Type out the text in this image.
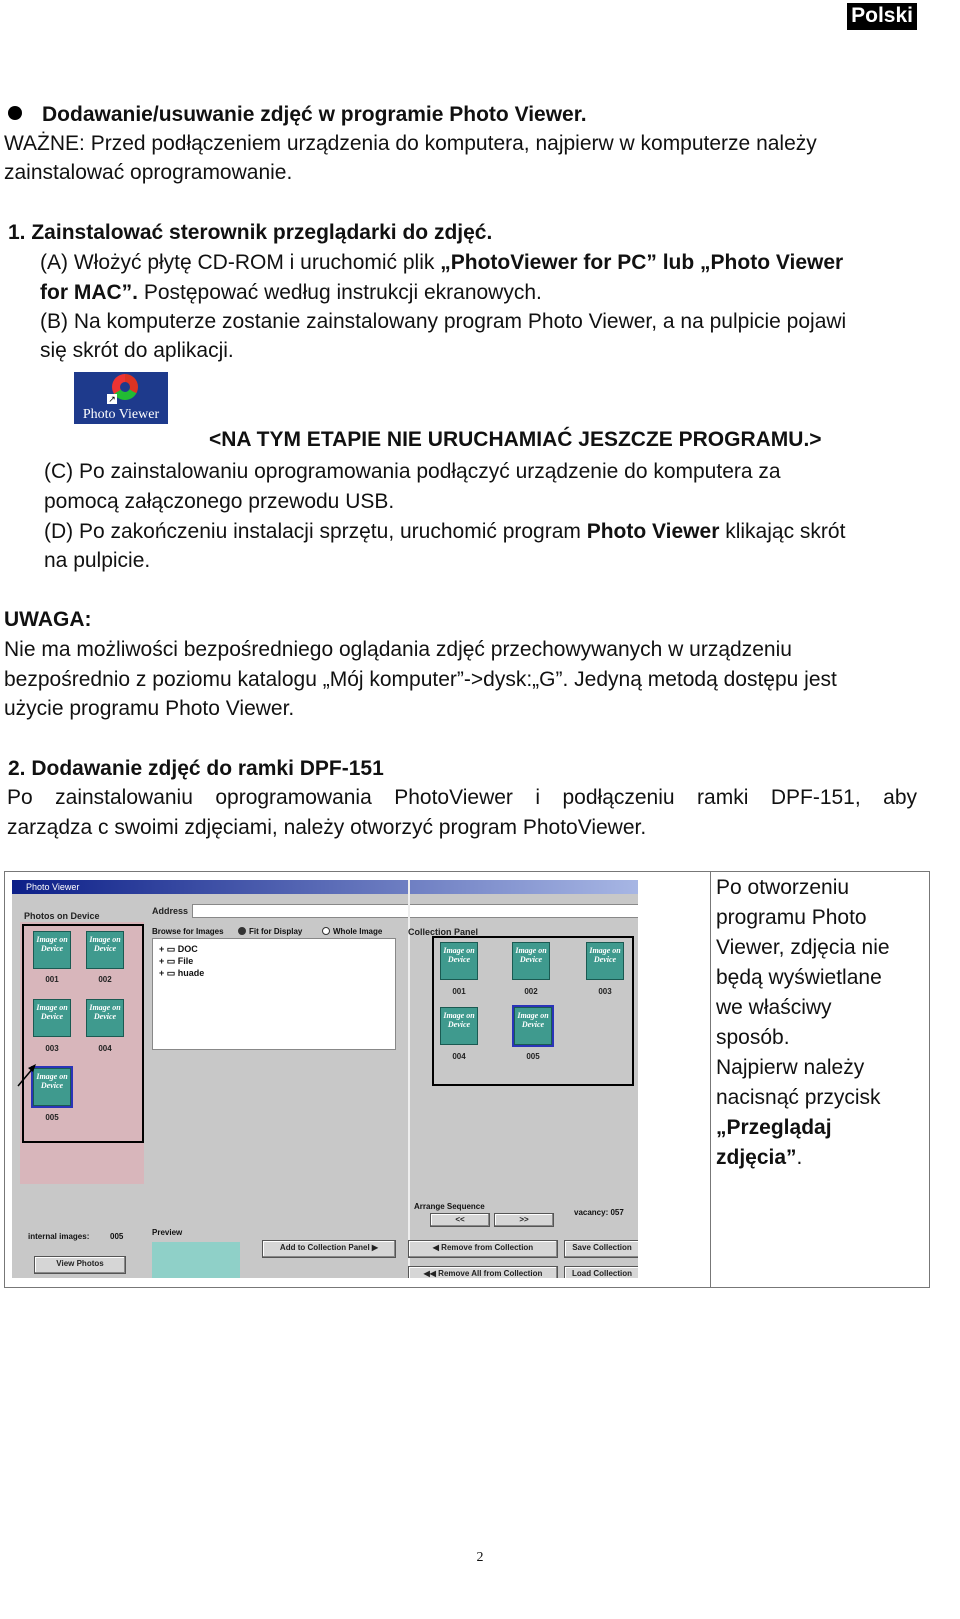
Polski
Dodawanie/usuwanie zdjęć w programie Photo Viewer.
WAŻNE: Przed podłączeniem urządzenia do komputera, najpierw w komputerze należy
zainstalować oprogramowanie.
1. Zainstalować sterownik przeglądarki do zdjęć.
(A) Włożyć płytę CD-ROM i uruchomić plik „PhotoViewer for PC” lub „Photo Viewer
for MAC”. Postępować według instrukcji ekranowych.
(B) Na komputerze zostanie zainstalowany program Photo Viewer, a na pulpicie pojawi
się skrót do aplikacji.
↗
Photo Viewer
<NA TYM ETAPIE NIE URUCHAMIAĆ JESZCZE PROGRAMU.>
(C) Po zainstalowaniu oprogramowania podłączyć urządzenie do komputera za
pomocą załączonego przewodu USB.
(D) Po zakończeniu instalacji sprzętu, uruchomić program Photo Viewer klikając skrót
na pulpicie.
UWAGA:
Nie ma możliwości bezpośredniego oglądania zdjęć przechowywanych w urządzeniu
bezpośrednio z poziomu katalogu „Mój komputer”->dysk:„G”. Jedyną metodą dostępu jest
użycie programu Photo Viewer.
2. Dodawanie zdjęć do ramki DPF-151
Po zainstalowaniu oprogramowania PhotoViewer i podłączeniu ramki DPF-151, aby
zarządza c swoimi zdjęciami, należy otworzyć program PhotoViewer.
Po otworzeniu
programu Photo
Viewer, zdjęcia nie
będą wyświetlane
we właściwy
sposób.
Najpierw należy
nacisnąć przycisk
„Przeglądaj
zdjęcia”.
Photo Viewer
Photos on Device
Image on Device
001
Image on Device
002
Image on Device
003
Image on Device
004
Image on Device
005
internal images:	005
View Photos
Address
Browse for Images	Fit for Display	Whole Image
+ ▭ DOC
+ ▭ File
+ ▭ huade
Preview
Add to Collection Panel ▶
Collection Panel
Image on Device
001
Image on Device
002
Image on Device
003
Image on Device
004
Image on Device
005
Arrange Sequence
<<	>>
vacancy: 057
◀ Remove from Collection	Save Collection
◀◀ Remove All from Collection	Load Collection
2
